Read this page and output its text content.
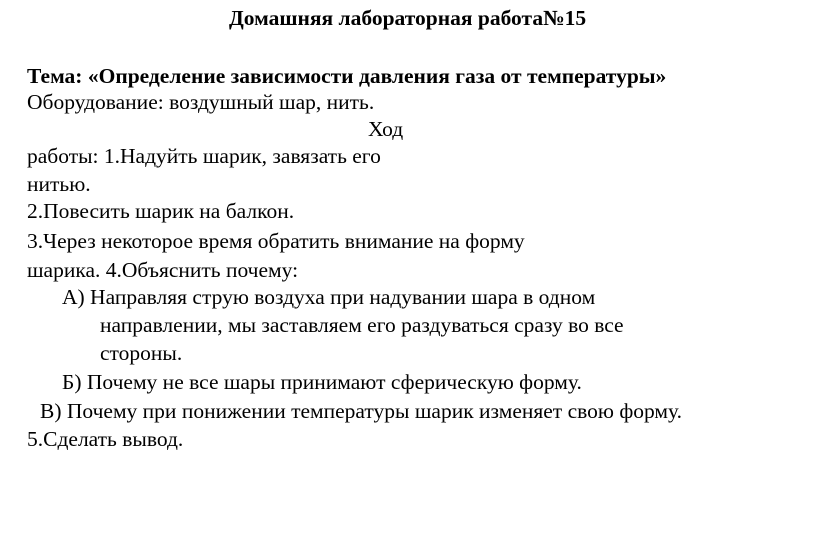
Домашняя лабораторная работа№15
Тема: «Определение зависимости давления газа от температуры»
Оборудование: воздушный шар, нить.
Ход
работы: 1.Надуйть шарик, завязать его
нитью.
2.Повесить шарик на балкон.
3.Через некоторое время обратить внимание на форму
шарика. 4.Объяснить почему:
А) Направляя струю воздуха при надувании шара в одном
направлении, мы заставляем его раздуваться сразу во все
стороны.
Б) Почему не все шары принимают сферическую форму.
В) Почему при понижении температуры шарик изменяет свою форму.
5.Сделать вывод.
